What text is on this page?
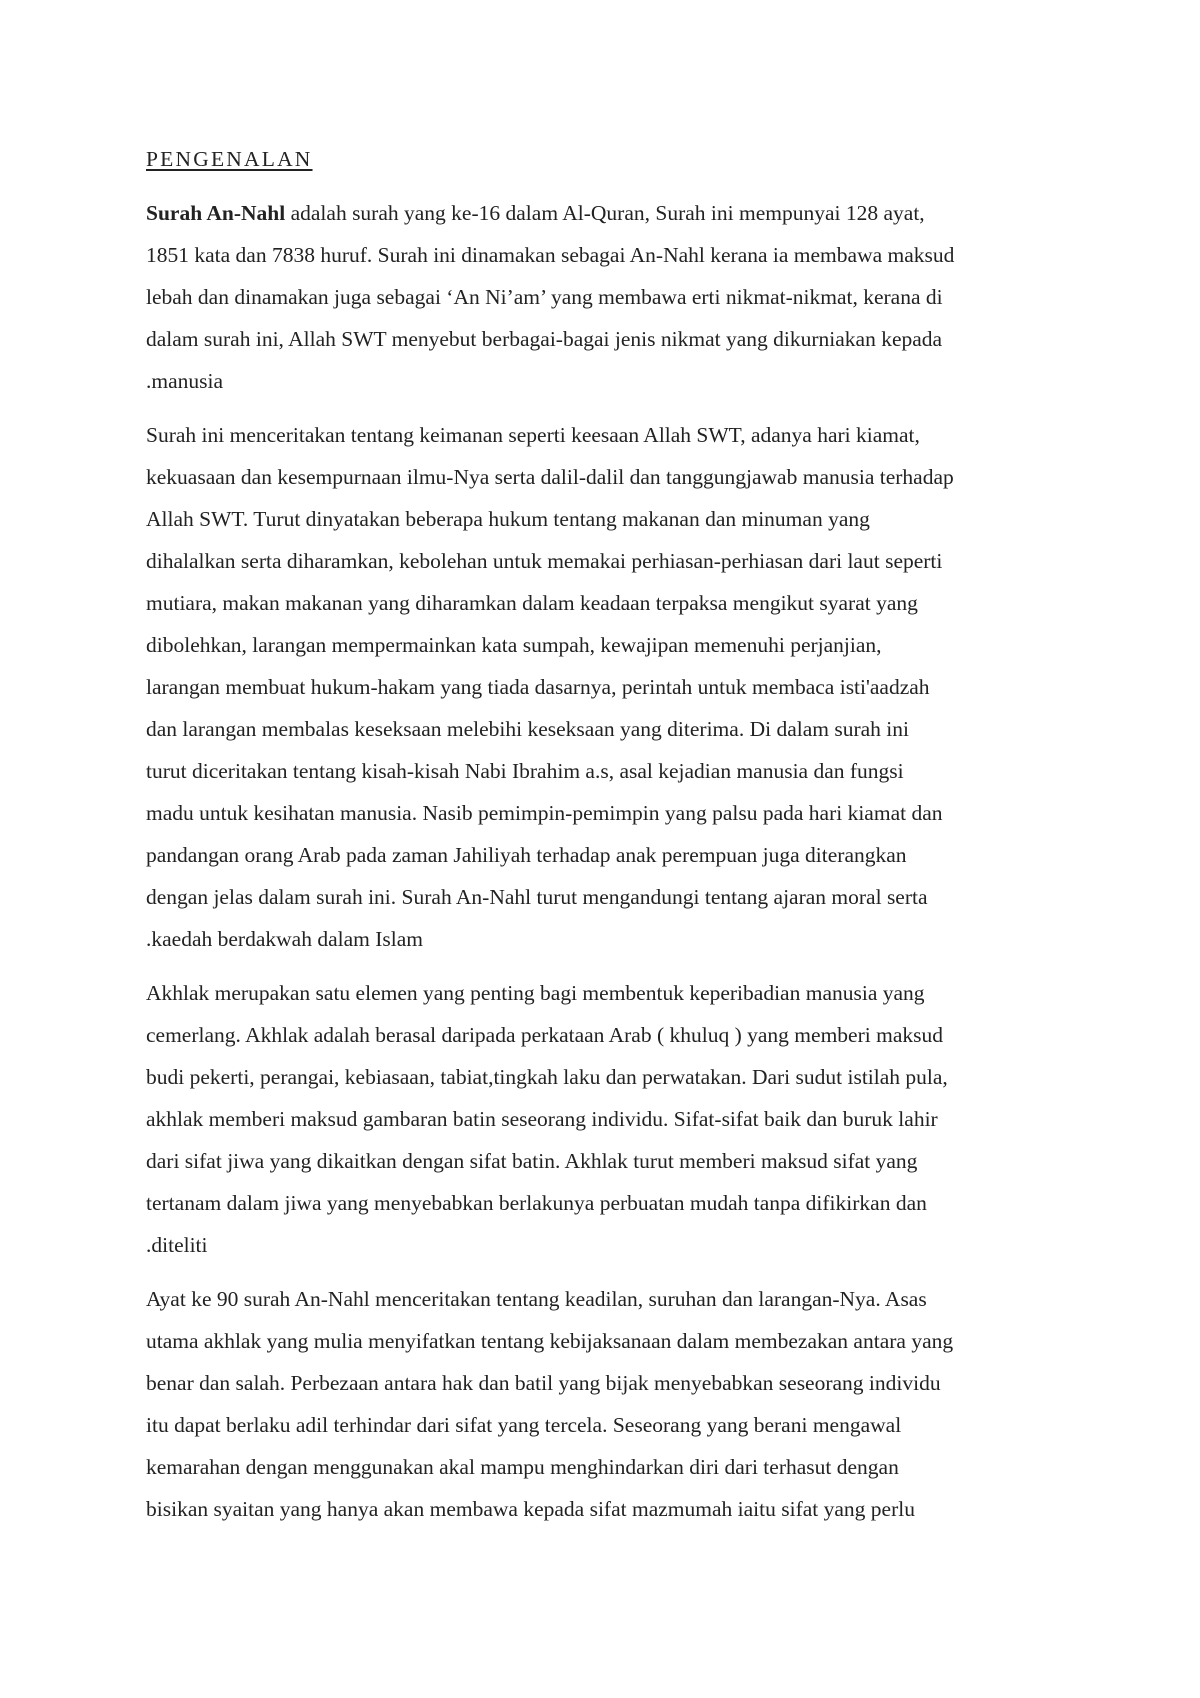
PENGENALAN
Surah An-Nahl adalah surah yang ke-16 dalam Al-Quran, Surah ini mempunyai 128 ayat,
1851 kata dan 7838 huruf. Surah ini dinamakan sebagai An-Nahl kerana ia membawa maksud
lebah dan dinamakan juga sebagai ‘An Ni’am’ yang membawa erti nikmat-nikmat, kerana di
dalam surah ini, Allah SWT menyebut berbagai-bagai jenis nikmat yang dikurniakan kepada
.manusia
Surah ini menceritakan tentang keimanan seperti keesaan Allah SWT, adanya hari kiamat,
kekuasaan dan kesempurnaan ilmu-Nya serta dalil-dalil dan tanggungjawab manusia terhadap
Allah SWT. Turut dinyatakan beberapa hukum tentang makanan dan minuman yang
dihalalkan serta diharamkan, kebolehan untuk memakai perhiasan-perhiasan dari laut seperti
mutiara, makan makanan yang diharamkan dalam keadaan terpaksa mengikut syarat yang
dibolehkan, larangan mempermainkan kata sumpah, kewajipan memenuhi perjanjian,
larangan membuat hukum-hakam yang tiada dasarnya, perintah untuk membaca isti'aadzah
dan larangan membalas keseksaan melebihi keseksaan yang diterima. Di dalam surah ini
turut diceritakan tentang kisah-kisah Nabi Ibrahim a.s, asal kejadian manusia dan fungsi
madu untuk kesihatan manusia. Nasib pemimpin-pemimpin yang palsu pada hari kiamat dan
pandangan orang Arab pada zaman Jahiliyah terhadap anak perempuan juga diterangkan
dengan jelas dalam surah ini. Surah An-Nahl turut mengandungi tentang ajaran moral serta
.kaedah berdakwah dalam Islam
Akhlak merupakan satu elemen yang penting bagi membentuk keperibadian manusia yang
cemerlang. Akhlak adalah berasal daripada perkataan Arab ( khuluq ) yang memberi maksud
budi pekerti, perangai, kebiasaan, tabiat,tingkah laku dan perwatakan. Dari sudut istilah pula,
akhlak memberi maksud gambaran batin seseorang individu. Sifat-sifat baik dan buruk lahir
dari sifat jiwa yang dikaitkan dengan sifat batin. Akhlak turut memberi maksud sifat yang
tertanam dalam jiwa yang menyebabkan berlakunya perbuatan mudah tanpa difikirkan dan
.diteliti
Ayat ke 90 surah An-Nahl menceritakan tentang keadilan, suruhan dan larangan-Nya. Asas
utama akhlak yang mulia menyifatkan tentang kebijaksanaan dalam membezakan antara yang
benar dan salah. Perbezaan antara hak dan batil yang bijak menyebabkan seseorang individu
itu dapat berlaku adil terhindar dari sifat yang tercela. Seseorang yang berani mengawal
kemarahan dengan menggunakan akal mampu menghindarkan diri dari terhasut dengan
bisikan syaitan yang hanya akan membawa kepada sifat mazmumah iaitu sifat yang perlu
